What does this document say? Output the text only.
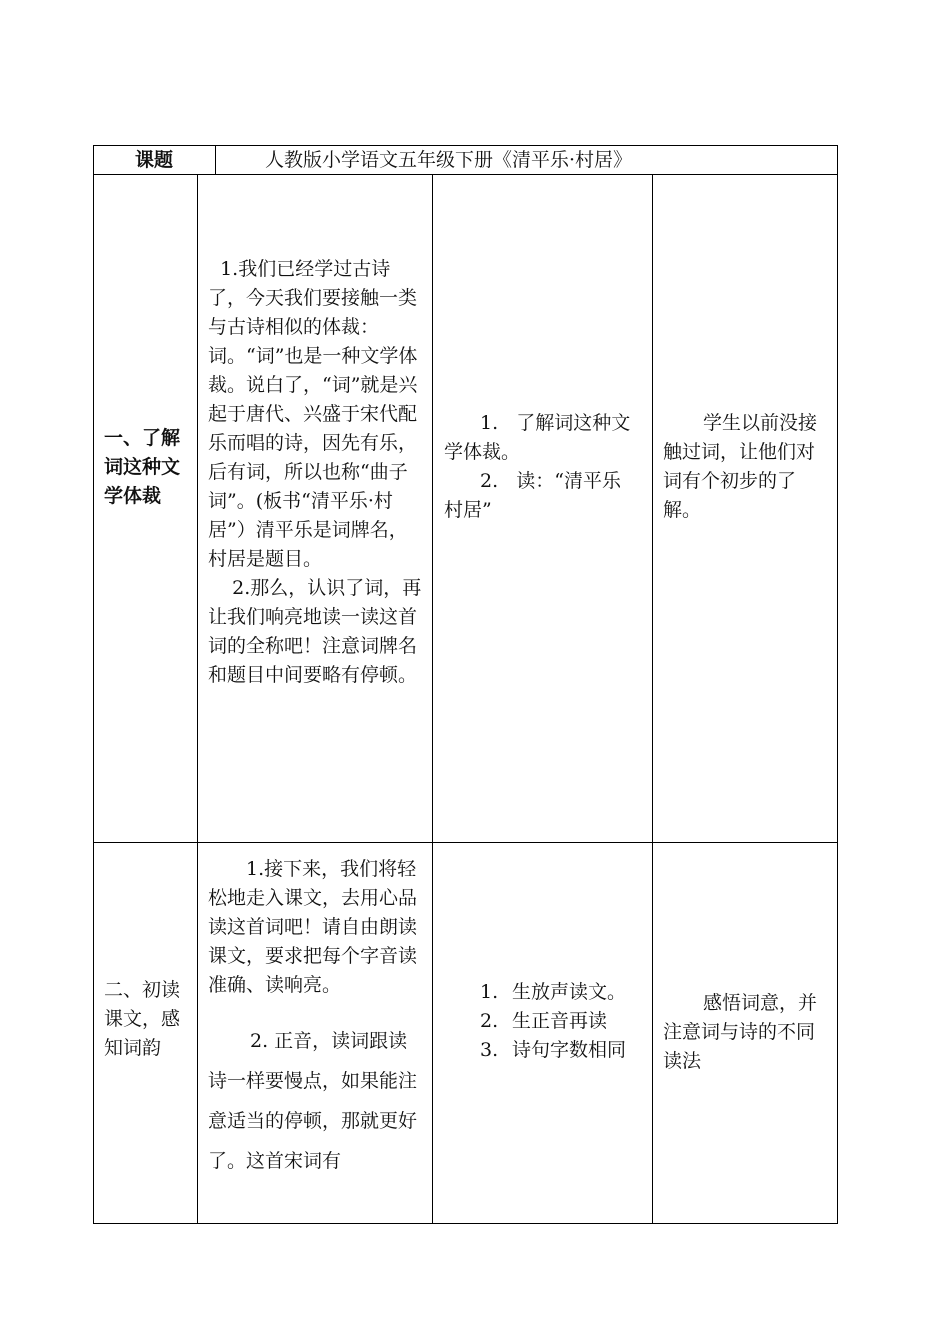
课题	人教版小学语文五年级下册《清平乐·村居》
一、了解词这种文学体裁

1.我们已经学过古诗了，今天我们要接触一类与古诗相似的体裁：词。“词”也是一种文学体裁。说白了，“词”就是兴起于唐代、兴盛于宋代配乐而唱的诗，因先有乐，后有词，所以也称“曲子词”。(板书“清平乐·村居”）清平乐是词牌名，村居是题目。

2.那么，认识了词，再让我们响亮地读一读这首词的全称吧！注意词牌名和题目中间要略有停顿。

1. 了解词这种文学体裁。
2. 读：“清平乐 村居”
学生以前没接触过词，让他们对词有个初步的了解。
二、初读课文，感知词韵

1.接下来，我们将轻松地走入课文，去用心品读这首词吧！请自由朗读课文，要求把每个字音读准确、读响亮。

2. 正音，读词跟读诗一样要慢点，如果能注意适当的停顿，那就更好了。这首宋词有

1. 生放声读文。
2. 生正音再读
3. 诗句字数相同
感悟词意，并注意词与诗的不同读法
